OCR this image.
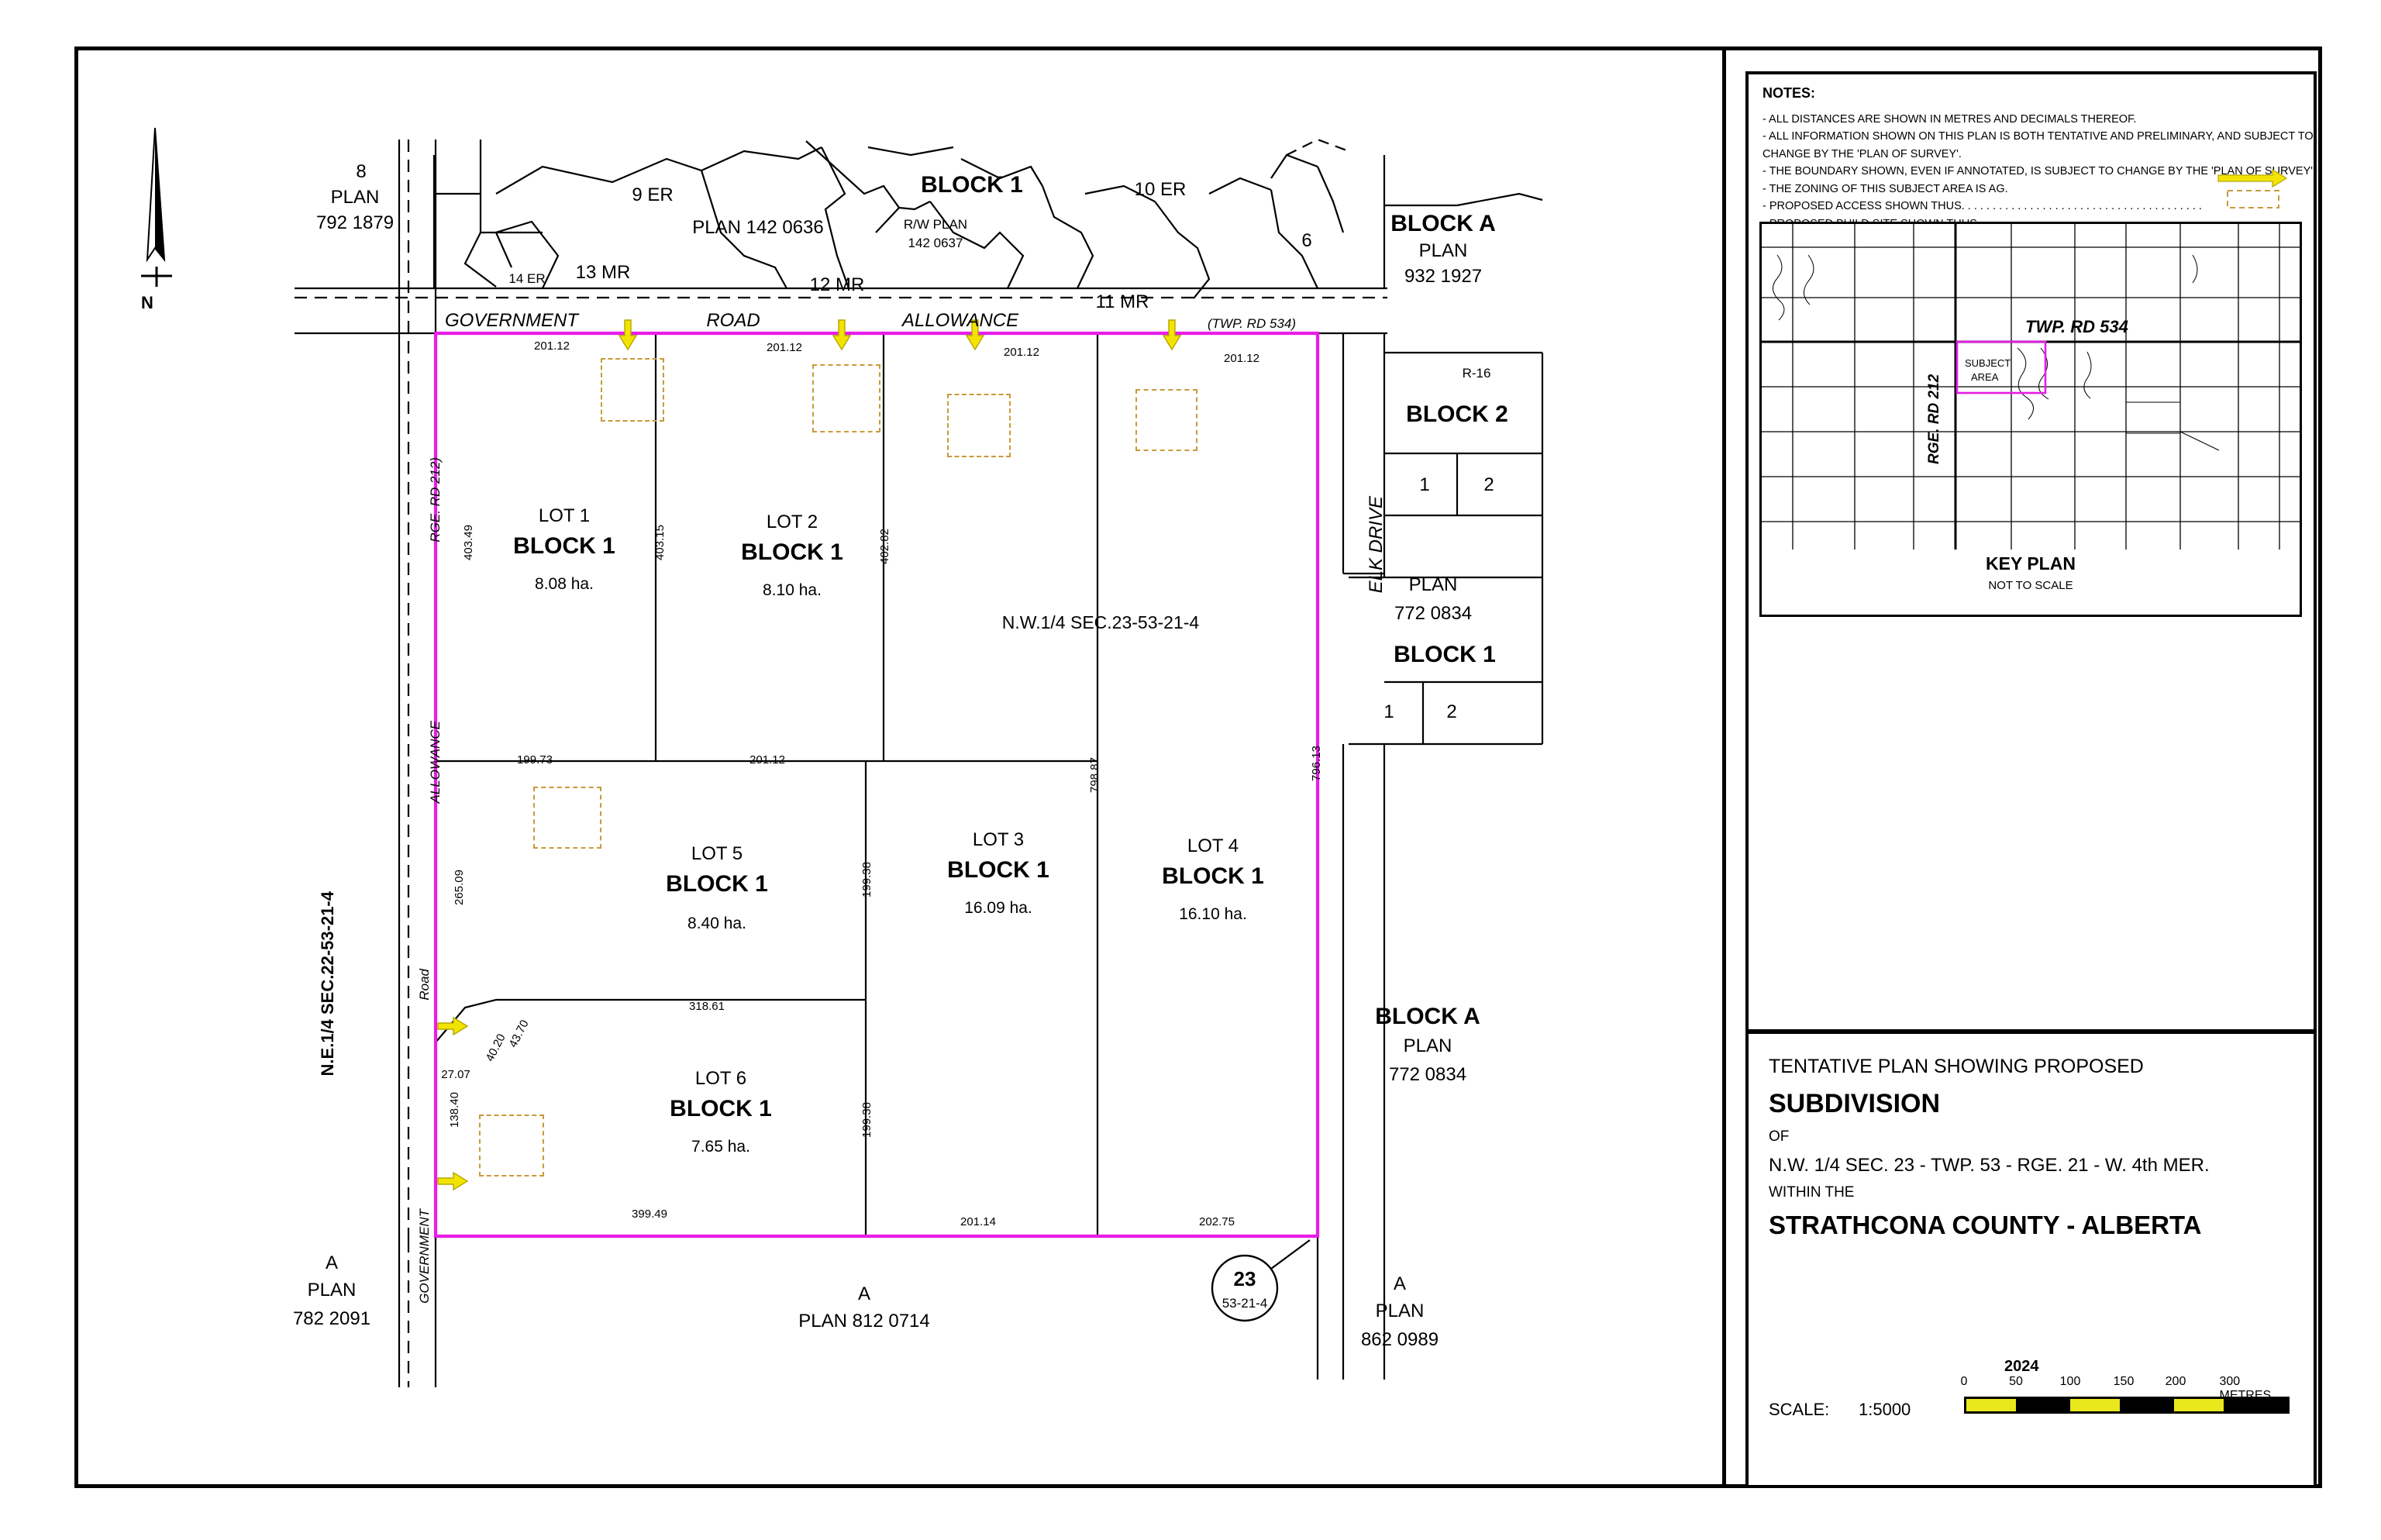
N
GOVERNMENT	ROAD	ALLOWANCE	(TWP. RD 534)
RGE. RD 212)
ALLOWANCE
Road
GOVERNMENT
ELK DRIVE
N.E.1/4 SEC.22-53-21-4
8
PLAN
792 1879
9 ER
PLAN 142 0636
BLOCK 1
R/W PLAN
142 0637
10 ER
6
BLOCK A
PLAN
932 1927
14 ER 13 MR
12 MR
11 MR
R-16
BLOCK 2
1	2
PLAN
772 0834
BLOCK 1
1	2
BLOCK A
PLAN
772 0834
A
PLAN
782 2091
A
PLAN 812 0714
A
PLAN
862 0989
23
53-21-4
N.W.1/4 SEC.23-53-21-4
LOT 1
BLOCK 1
8.08 ha.
LOT 2
BLOCK 1
8.10 ha.
LOT 3
BLOCK 1
16.09 ha.
LOT 4
BLOCK 1
16.10 ha.
LOT 5
BLOCK 1
8.40 ha.
LOT 6
BLOCK 1
7.65 ha.
201.12	201.12	201.12	201.12
403.49	403.15	402.82
798.87	796.13
199.73	201.12
265.09	199.38
199.38
318.61
43.70
40.20
27.07
138.40
399.49
201.14	202.75
NOTES:
- ALL DISTANCES ARE SHOWN IN METRES AND DECIMALS THEREOF.
- ALL INFORMATION SHOWN ON THIS PLAN IS BOTH TENTATIVE AND PRELIMINARY, AND SUBJECT TO
CHANGE BY THE 'PLAN OF SURVEY'.
- THE BOUNDARY SHOWN, EVEN IF ANNOTATED, IS SUBJECT TO CHANGE BY THE 'PLAN OF SURVEY'.
- THE ZONING OF THIS SUBJECT AREA IS AG.
- PROPOSED ACCESS SHOWN THUS. . . . . . . . . . . . . . . . . . . . . . . . . . . . . . . . . . . . . . .
TWP. RD 534
SUBJECT
AREA
RGE. RD 212
KEY PLAN
NOT TO SCALE
TENTATIVE PLAN SHOWING PROPOSED
SUBDIVISION
OF
N.W. 1/4 SEC. 23 - TWP. 53 - RGE. 21 - W. 4th MER.
WITHIN THE
STRATHCONA COUNTY - ALBERTA
2024
SCALE: 1:5000
0	50	100	150	200	300 METRES
